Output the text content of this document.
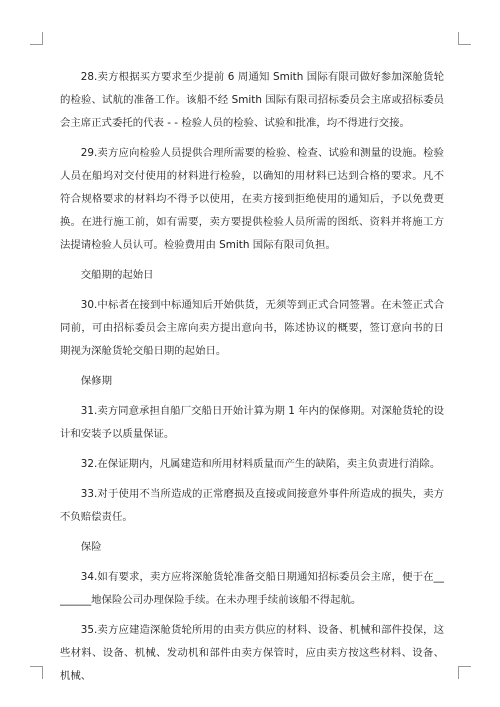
28.卖方根据买方要求至少提前 6 周通知 Smith 国际有限司做好参加深舱货轮的检验、试航的准备工作。该船不经 Smith 国际有限司招标委员会主席或招标委员会主席正式委托的代表 - - 检验人员的检验、试验和批准，均不得进行交接。

29.卖方应向检验人员提供合理所需要的检验、检查、试验和测量的设施。检验人员在船坞对交付使用的材料进行检验，以确知的用材料已达到合格的要求。凡不符合规格要求的材料均不得予以使用，在卖方接到拒绝使用的通知后，予以免费更换。在进行施工前，如有需要，卖方要提供检验人员所需的图纸、资料并将施工方法提请检验人员认可。检验费用由 Smith 国际有限司负担。

交船期的起始日

30.中标者在接到中标通知后开始供货，无须等到正式合同签署。在未签正式合同前，可由招标委员会主席向卖方提出意向书，陈述协议的概要，签订意向书的日期视为深舱货轮交船日期的起始日。

保修期

31.卖方同意承担自船厂交船日开始计算为期 1 年内的保修期。对深舱货轮的设计和安装予以质量保证。

32.在保证期内，凡属建造和所用材料质量而产生的缺陷，卖主负责进行消除。

33.对于使用不当所造成的正常磨损及直接或间接意外事件所造成的损失，卖方不负赔偿责任。

保险

34.如有要求，卖方应将深舱货轮准备交船日期通知招标委员会主席，便于在________地保险公司办理保险手续。在未办理手续前该船不得起航。

35.卖方应建造深舱货轮所用的由卖方供应的材料、设备、机械和部件投保，这些材料、设备、机械、发动机和部件由卖方保管时，应由卖方按这些材料、设备、机械、
